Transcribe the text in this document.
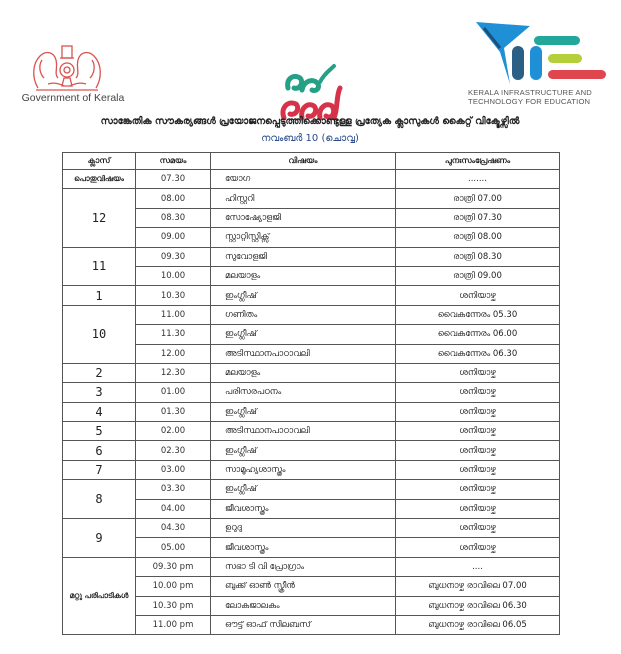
Government of Kerala	KERALA INFRASTRUCTURE AND
TECHNOLOGY FOR EDUCATION
സാങ്കേതിക സൗകര്യങ്ങൾ പ്രയോജനപ്പെടുത്തിക്കൊണ്ടുള്ള പ്രത്യേക ക്ലാസുകൾ കൈറ്റ് വിക്ടേഴ്സിൽ
നവംബർ 10 (ചൊവ്വ)
ക്ലാസ്	സമയം	വിഷയം	പുനഃസംപ്രേഷണം
പൊതുവിഷയം	07.30	യോഗ	.......
12	08.00	ഹിസ്റ്ററി	രാത്രി 07.00
08.30	സോഷ്യോളജി	രാത്രി 07.30
09.00	സ്റ്റാറ്റിസ്റ്റിക്സ്	രാത്രി 08.00
11	09.30	സുവോളജി	രാത്രി 08.30
10.00	മലയാളം	രാത്രി 09.00
1	10.30	ഇംഗ്ലീഷ്	ശനിയാഴ്ച
10	11.00	ഗണിതം	വൈകന്നേരം 05.30
11.30	ഇംഗ്ലീഷ്	വൈകന്നേരം 06.00
12.00	അടിസ്ഥാനപാഠാവലി	വൈകന്നേരം 06.30
2	12.30	മലയാളം	ശനിയാഴ്ച
3	01.00	പരിസരപഠനം	ശനിയാഴ്ച
4	01.30	ഇംഗ്ലീഷ്	ശനിയാഴ്ച
5	02.00	അടിസ്ഥാനപാഠാവലി	ശനിയാഴ്ച
6	02.30	ഇംഗ്ലീഷ്	ശനിയാഴ്ച
7	03.00	സാമൂഹ്യശാസ്ത്രം	ശനിയാഴ്ച
8	03.30	ഇംഗ്ലീഷ്	ശനിയാഴ്ച
04.00	ജീവശാസ്ത്രം	ശനിയാഴ്ച
9	04.30	ഉറുദു	ശനിയാഴ്ച
05.00	ജീവശാസ്ത്രം	ശനിയാഴ്ച
മറ്റു പരിപാടികൾ	09.30 pm	സഭാ ടി വി പ്രോഗ്രാം	....
10.00 pm	ബുക്ക് ഓൺ സ്ക്രീൻ	ബുധനാഴ്ച രാവിലെ 07.00
10.30 pm	ലോകജാലകം	ബുധനാഴ്ച രാവിലെ 06.30
11.00 pm	ഔട്ട് ഓഫ് സിലബസ്	ബുധനാഴ്ച രാവിലെ 06.05
